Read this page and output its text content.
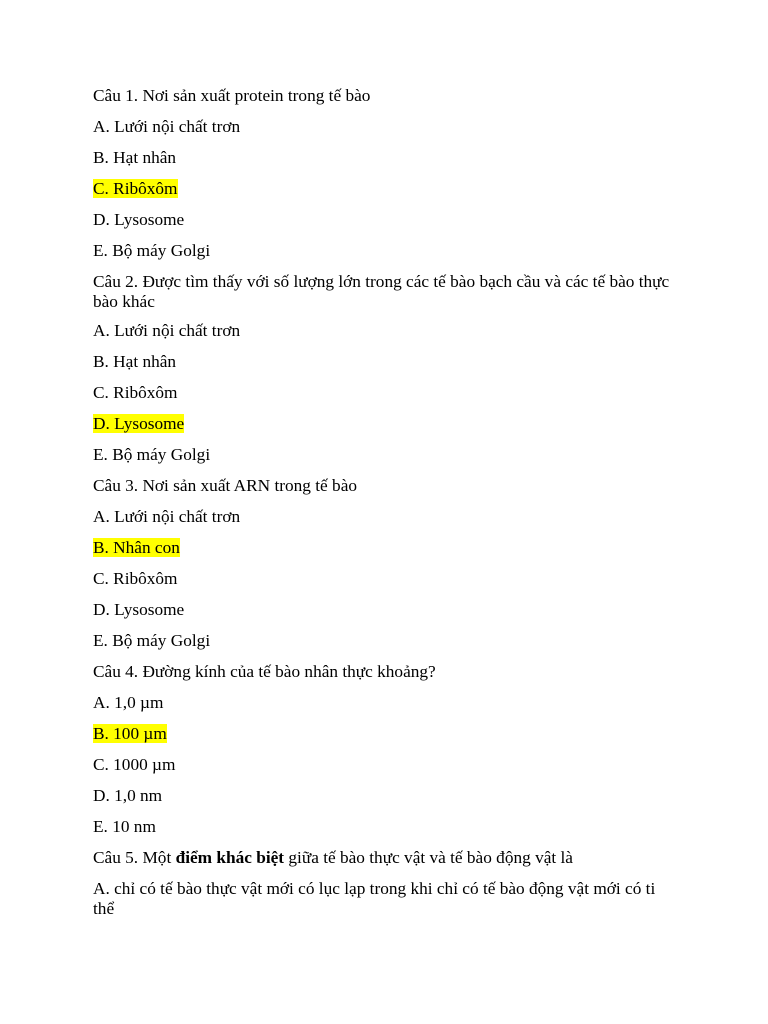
Câu 1. Nơi sản xuất protein trong tế bào

A. Lưới nội chất trơn

B. Hạt nhân

C. Ribôxôm

D. Lysosome

E. Bộ máy Golgi

Câu 2. Được tìm thấy với số lượng lớn trong các tế bào bạch cầu và các tế bào thực bào khác

A. Lưới nội chất trơn

B. Hạt nhân

C. Ribôxôm

D. Lysosome

E. Bộ máy Golgi

Câu 3. Nơi sản xuất ARN trong tế bào

A. Lưới nội chất trơn

B. Nhân con

C. Ribôxôm

D. Lysosome

E. Bộ máy Golgi

Câu 4. Đường kính của tế bào nhân thực khoảng?

A. 1,0 µm

B. 100 µm

C. 1000 µm

D. 1,0 nm

E. 10 nm

Câu 5. Một điểm khác biệt giữa tế bào thực vật và tế bào động vật là

A. chỉ có tế bào thực vật mới có lục lạp trong khi chỉ có tế bào động vật mới có ti thể
